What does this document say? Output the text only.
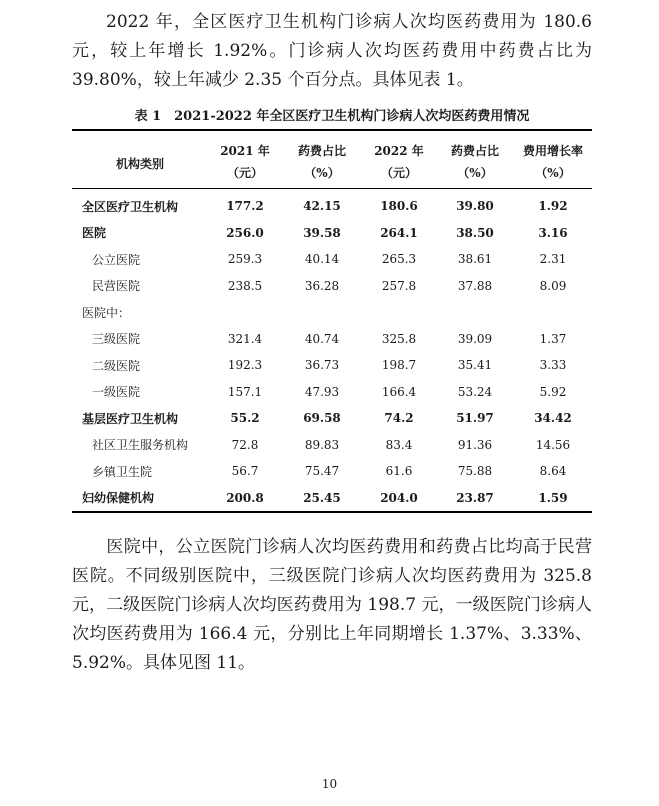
2022 年，全区医疗卫生机构门诊病人次均医药费用为 180.6 元，较上年增长 1.92%。门诊病人次均医药费用中药费占比为 39.80%，较上年减少 2.35 个百分点。具体见表 1。

表 1　2021-2022 年全区医疗卫生机构门诊病人次均医药费用情况
机构类别	2021 年	药费占比	2022 年	药费占比	费用增长率
	（元）	（%）	（元）	（%）	（%）
全区医疗卫生机构	177.2	42.15	180.6	39.80	1.92
医院	256.0	39.58	264.1	38.50	3.16
公立医院	259.3	40.14	265.3	38.61	2.31
民营医院	238.5	36.28	257.8	37.88	8.09
医院中：					
三级医院	321.4	40.74	325.8	39.09	1.37
二级医院	192.3	36.73	198.7	35.41	3.33
一级医院	157.1	47.93	166.4	53.24	5.92
基层医疗卫生机构	55.2	69.58	74.2	51.97	34.42
社区卫生服务机构	72.8	89.83	83.4	91.36	14.56
乡镇卫生院	56.7	75.47	61.6	75.88	8.64
妇幼保健机构	200.8	25.45	204.0	23.87	1.59

医院中，公立医院门诊病人次均医药费用和药费占比均高于民营医院。不同级别医院中，三级医院门诊病人次均医药费用为 325.8 元，二级医院门诊病人次均医药费用为 198.7 元，一级医院门诊病人次均医药费用为 166.4 元，分别比上年同期增长 1.37%、3.33%、5.92%。具体见图 11。

10
